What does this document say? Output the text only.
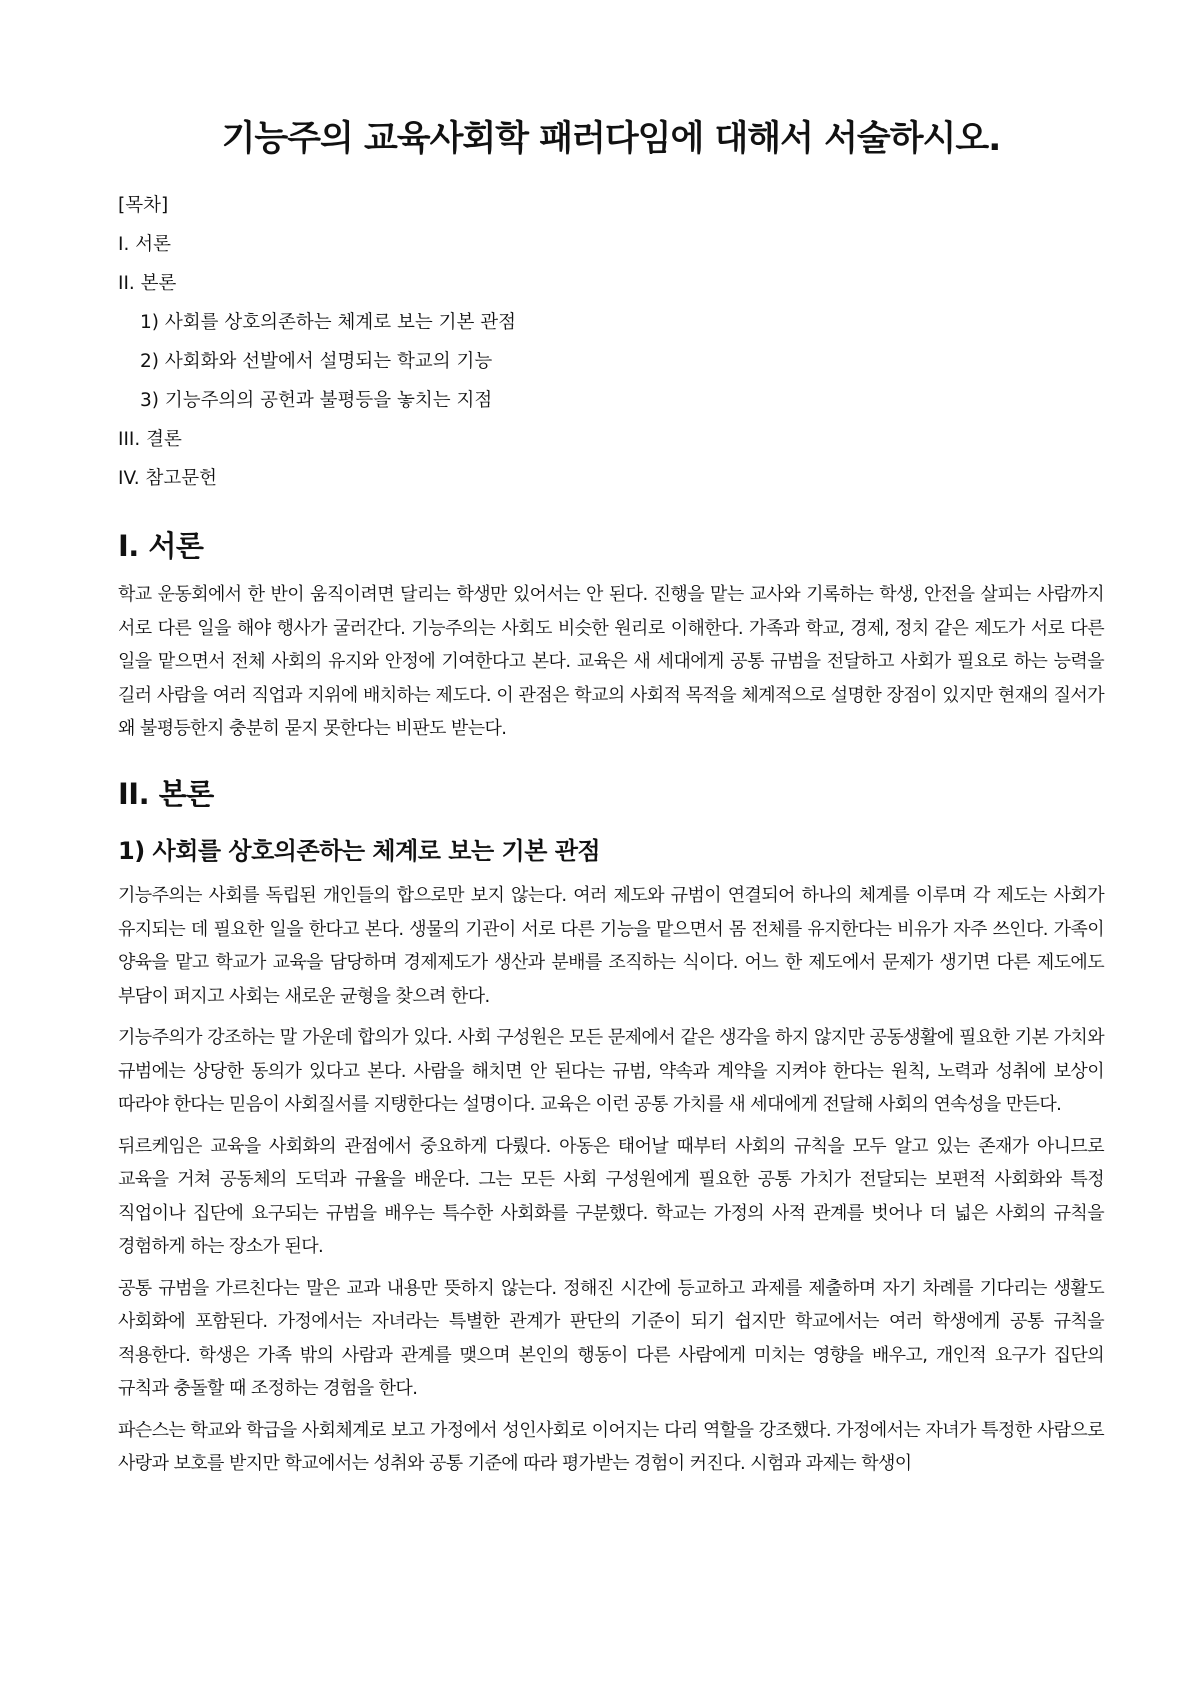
기능주의 교육사회학 패러다임에 대해서 서술하시오.
[목차]
I. 서론
II. 본론
1) 사회를 상호의존하는 체계로 보는 기본 관점
2) 사회화와 선발에서 설명되는 학교의 기능
3) 기능주의의 공헌과 불평등을 놓치는 지점
III. 결론
IV. 참고문헌
I. 서론

학교 운동회에서 한 반이 움직이려면 달리는 학생만 있어서는 안 된다. 진행을 맡는 교사와 기록하는 학생, 안전을 살피는 사람까지 서로 다른 일을 해야 행사가 굴러간다. 기능주의는 사회도 비슷한 원리로 이해한다. 가족과 학교, 경제, 정치 같은 제도가 서로 다른 일을 맡으면서 전체 사회의 유지와 안정에 기여한다고 본다. 교육은 새 세대에게 공통 규범을 전달하고 사회가 필요로 하는 능력을 길러 사람을 여러 직업과 지위에 배치하는 제도다. 이 관점은 학교의 사회적 목적을 체계적으로 설명한 장점이 있지만 현재의 질서가 왜 불평등한지 충분히 묻지 못한다는 비판도 받는다.

II. 본론
1) 사회를 상호의존하는 체계로 보는 기본 관점

기능주의는 사회를 독립된 개인들의 합으로만 보지 않는다. 여러 제도와 규범이 연결되어 하나의 체계를 이루며 각 제도는 사회가 유지되는 데 필요한 일을 한다고 본다. 생물의 기관이 서로 다른 기능을 맡으면서 몸 전체를 유지한다는 비유가 자주 쓰인다. 가족이 양육을 맡고 학교가 교육을 담당하며 경제제도가 생산과 분배를 조직하는 식이다. 어느 한 제도에서 문제가 생기면 다른 제도에도 부담이 퍼지고 사회는 새로운 균형을 찾으려 한다.

기능주의가 강조하는 말 가운데 합의가 있다. 사회 구성원은 모든 문제에서 같은 생각을 하지 않지만 공동생활에 필요한 기본 가치와 규범에는 상당한 동의가 있다고 본다. 사람을 해치면 안 된다는 규범, 약속과 계약을 지켜야 한다는 원칙, 노력과 성취에 보상이 따라야 한다는 믿음이 사회질서를 지탱한다는 설명이다. 교육은 이런 공통 가치를 새 세대에게 전달해 사회의 연속성을 만든다.

뒤르케임은 교육을 사회화의 관점에서 중요하게 다뤘다. 아동은 태어날 때부터 사회의 규칙을 모두 알고 있는 존재가 아니므로 교육을 거쳐 공동체의 도덕과 규율을 배운다. 그는 모든 사회 구성원에게 필요한 공통 가치가 전달되는 보편적 사회화와 특정 직업이나 집단에 요구되는 규범을 배우는 특수한 사회화를 구분했다. 학교는 가정의 사적 관계를 벗어나 더 넓은 사회의 규칙을 경험하게 하는 장소가 된다.

공통 규범을 가르친다는 말은 교과 내용만 뜻하지 않는다. 정해진 시간에 등교하고 과제를 제출하며 자기 차례를 기다리는 생활도 사회화에 포함된다. 가정에서는 자녀라는 특별한 관계가 판단의 기준이 되기 쉽지만 학교에서는 여러 학생에게 공통 규칙을 적용한다. 학생은 가족 밖의 사람과 관계를 맺으며 본인의 행동이 다른 사람에게 미치는 영향을 배우고, 개인적 요구가 집단의 규칙과 충돌할 때 조정하는 경험을 한다.

파슨스는 학교와 학급을 사회체계로 보고 가정에서 성인사회로 이어지는 다리 역할을 강조했다. 가정에서는 자녀가 특정한 사람으로 사랑과 보호를 받지만 학교에서는 성취와 공통 기준에 따라 평가받는 경험이 커진다. 시험과 과제는 학생이
